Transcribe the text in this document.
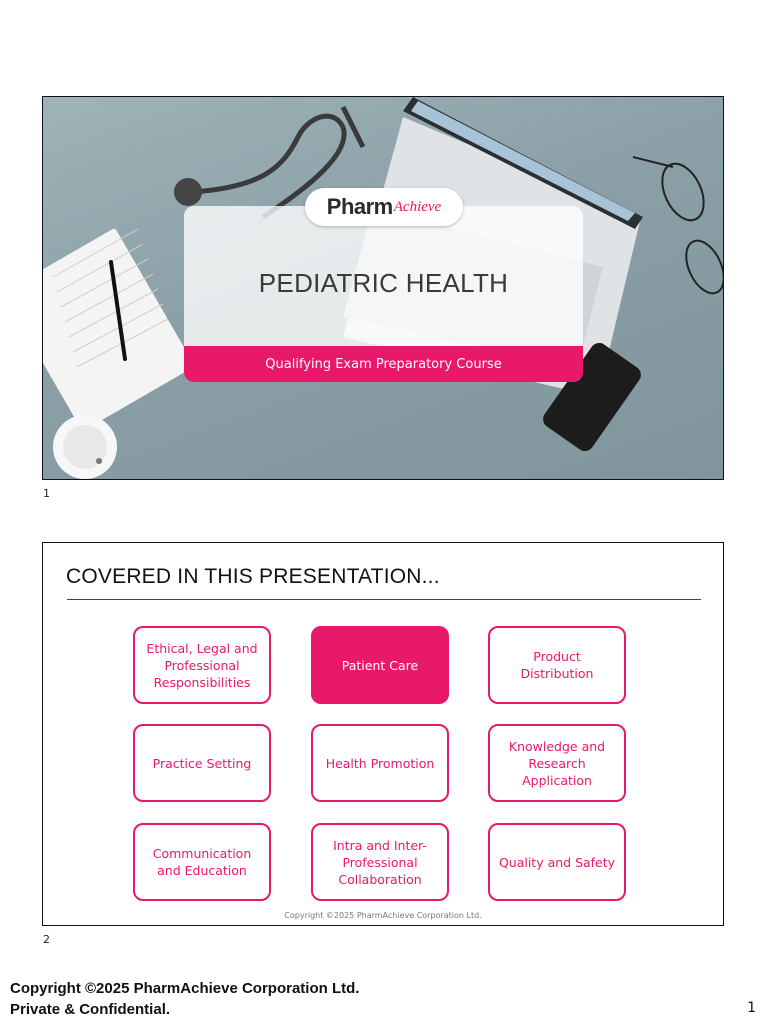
PEDIATRIC HEALTH
Qualifying Exam Preparatory Course
Pharm Achieve
1
COVERED IN THIS PRESENTATION...
Ethical, Legal and Professional Responsibilities
Patient Care
Product Distribution
Practice Setting	Health Promotion
Knowledge and Research Application
Communication and Education
Intra and Inter-Professional Collaboration
Quality and Safety
Copyright ©2025 PharmAchieve Corporation Ltd.
2
Copyright ©2025 PharmAchieve Corporation Ltd.
Private & Confidential.	1
